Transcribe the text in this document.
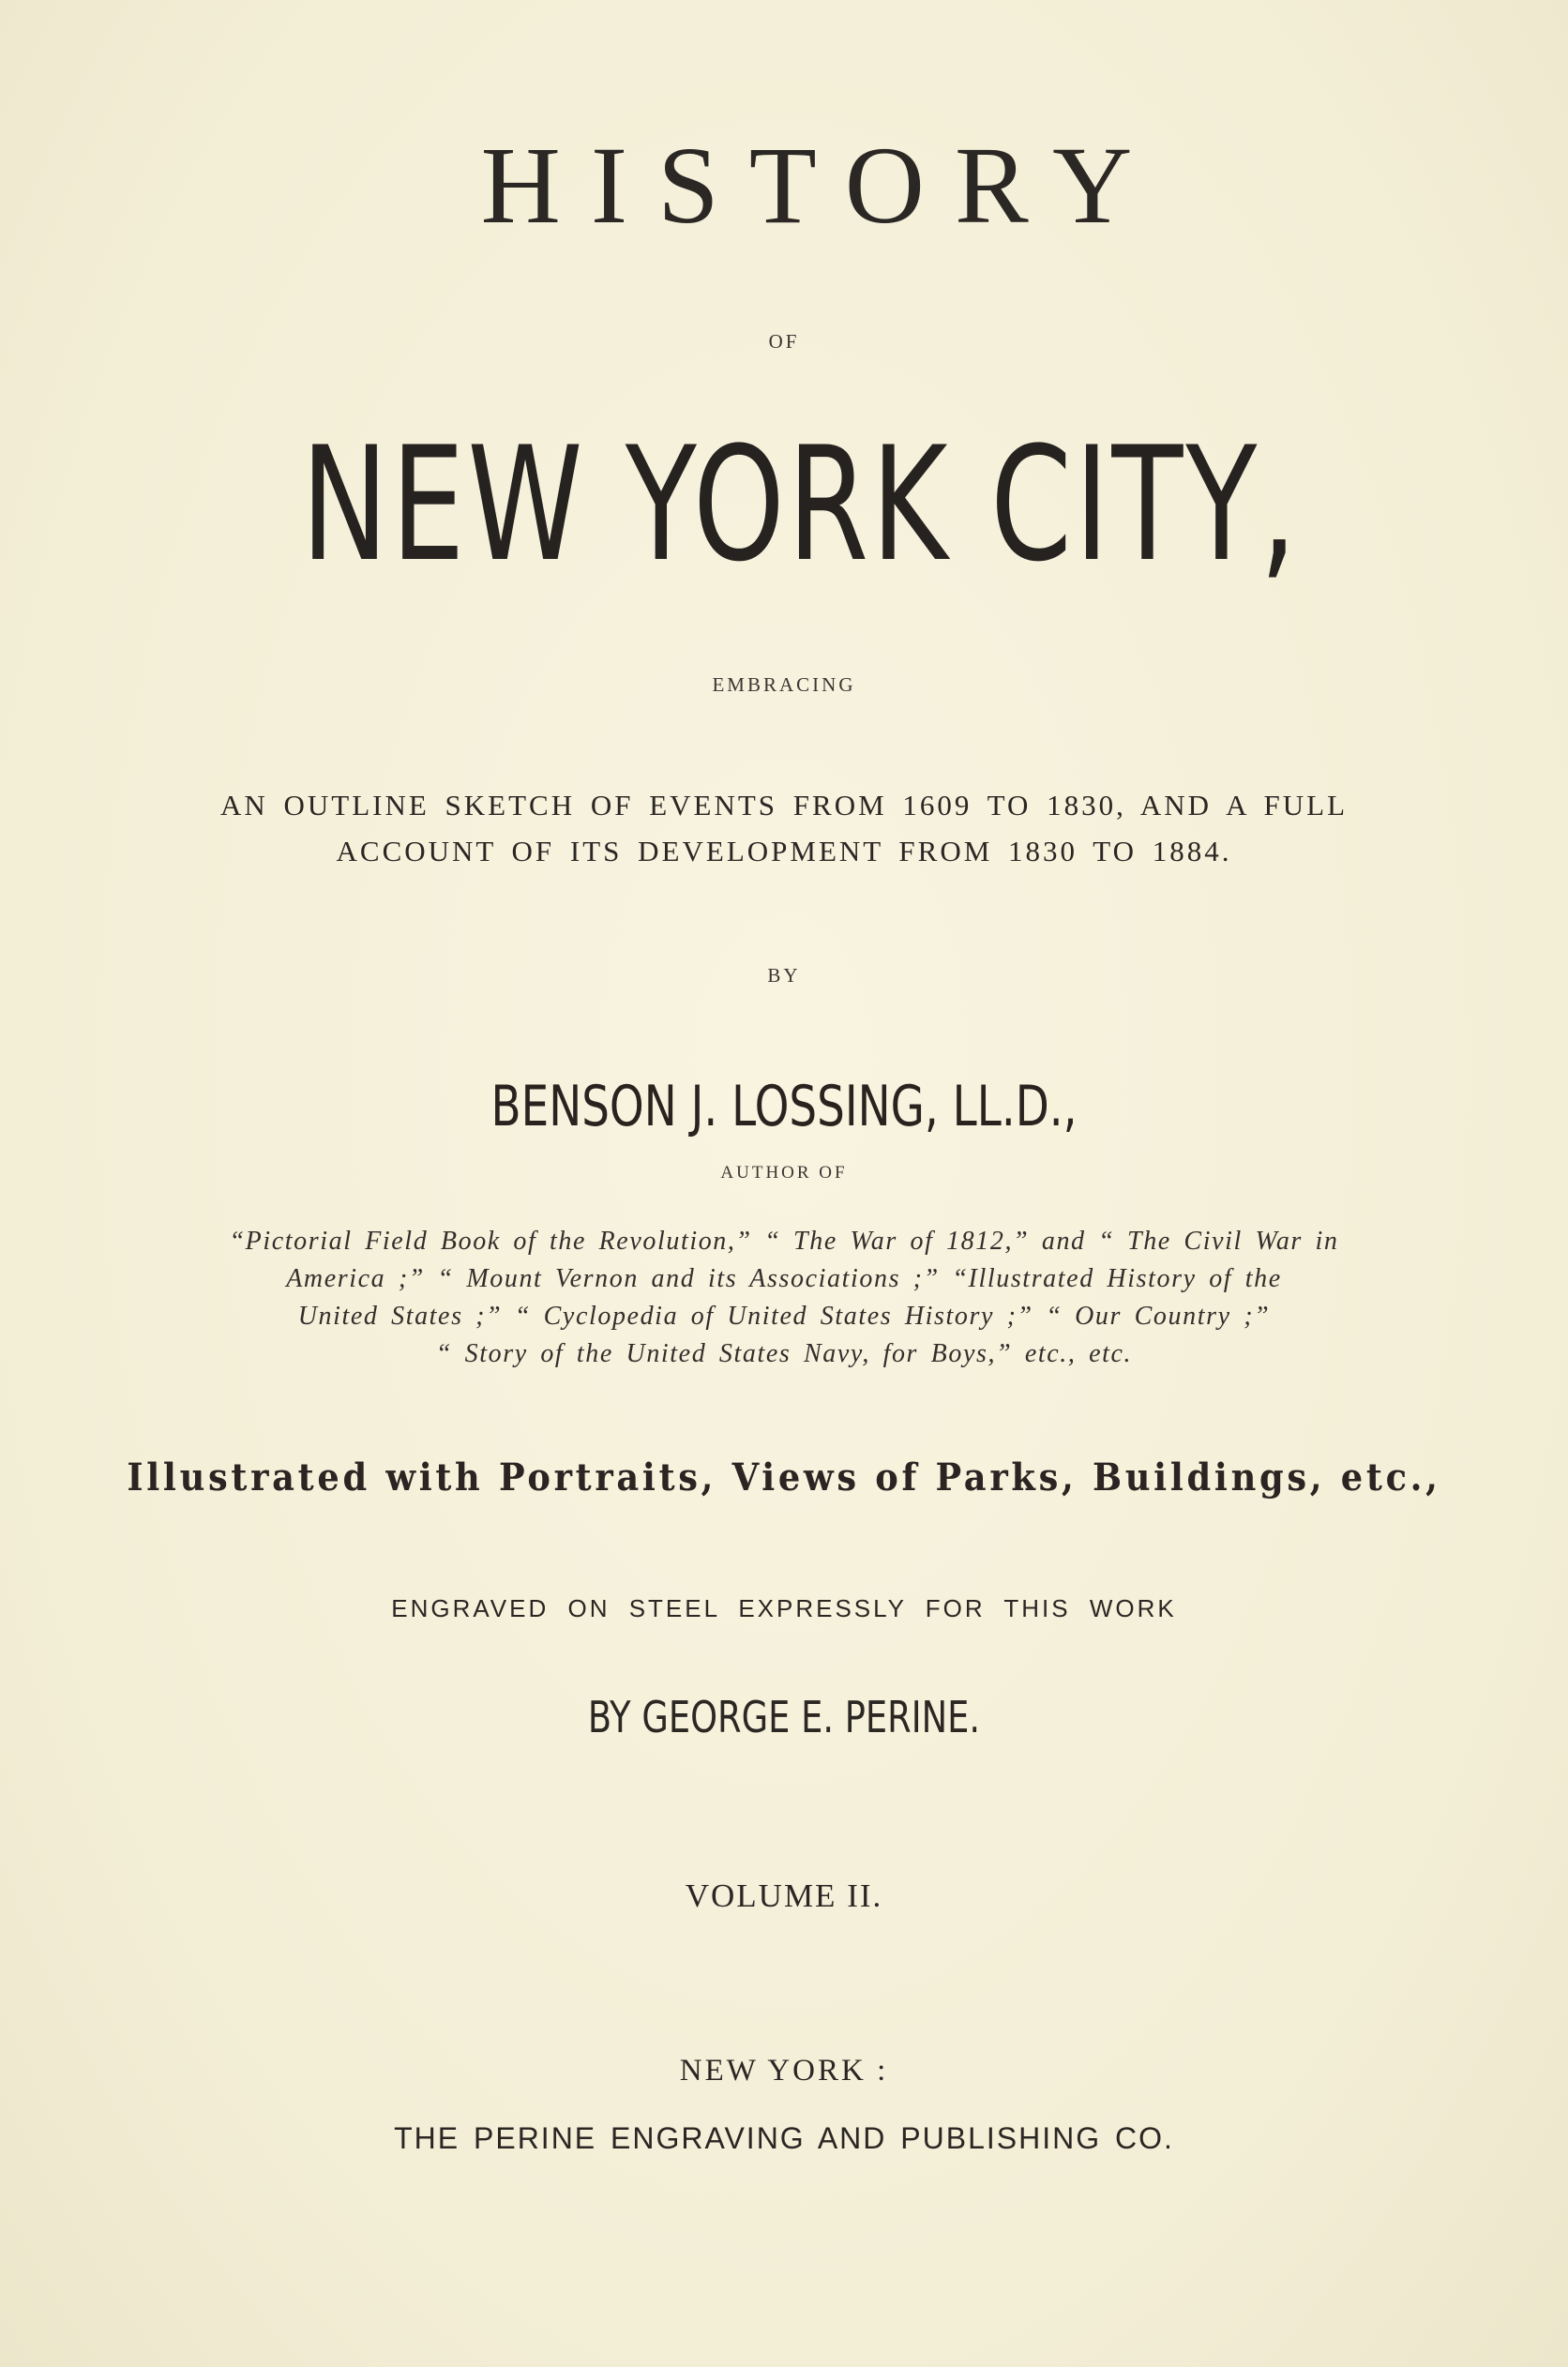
HISTORY
OF
NEW YORK CITY,
EMBRACING
AN OUTLINE SKETCH OF EVENTS FROM 1609 TO 1830, AND A FULL
ACCOUNT OF ITS DEVELOPMENT FROM 1830 TO 1884.
BY
BENSON J. LOSSING, LL.D.,
AUTHOR OF
“Pictorial Field Book of the Revolution,” “ The War of 1812,” and “ The Civil War in
America ;” “ Mount Vernon and its Associations ;” “Illustrated History of the
United States ;” “ Cyclopedia of United States History ;” “ Our Country ;”
“ Story of the United States Navy, for Boys,” etc., etc.
Illustrated with Portraits, Views of Parks, Buildings, etc.,
ENGRAVED ON STEEL EXPRESSLY FOR THIS WORK
BY GEORGE E. PERINE.
VOLUME II.
NEW YORK :
THE PERINE ENGRAVING AND PUBLISHING CO.
